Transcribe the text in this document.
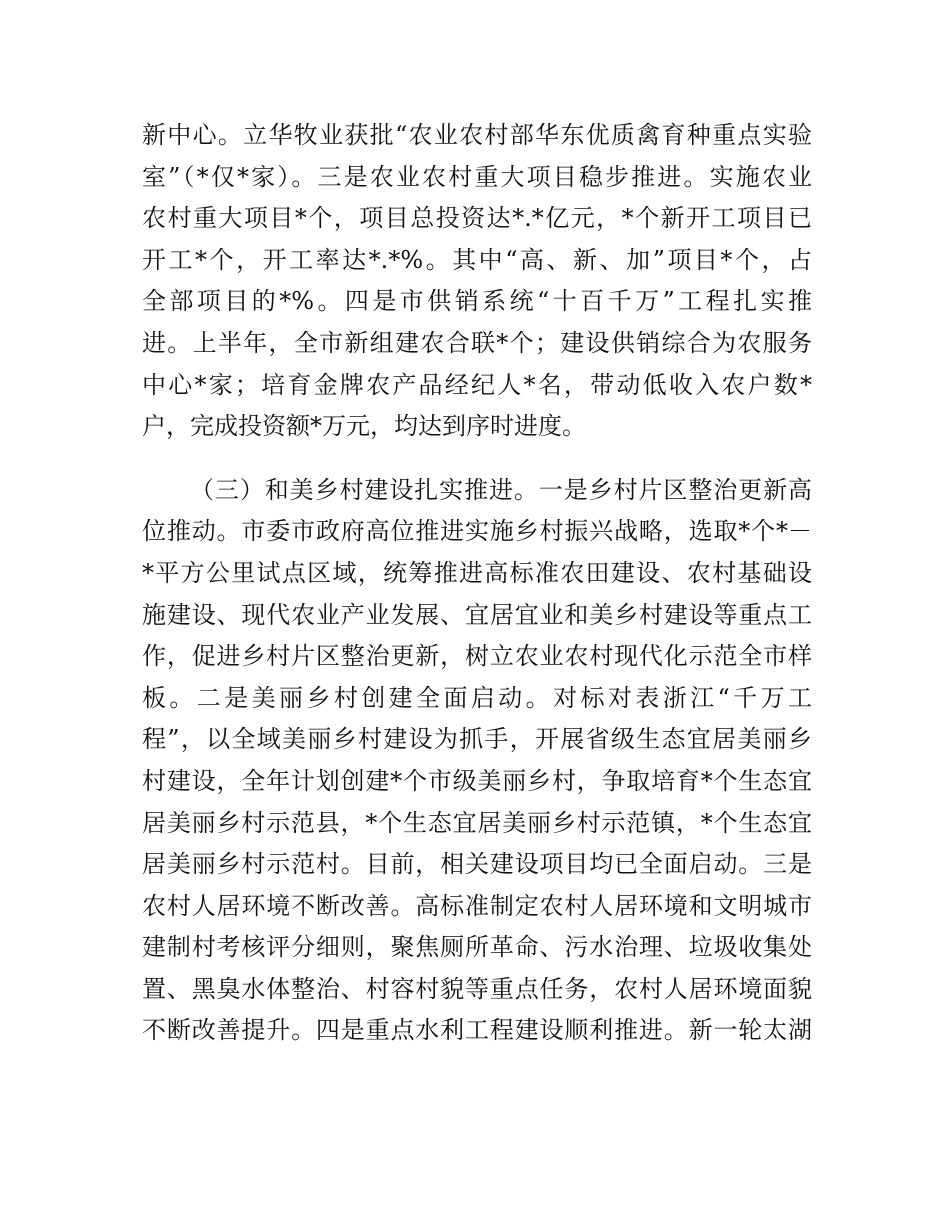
新中心。立华牧业获批“农业农村部华东优质禽育种重点实验
室”（*仅*家）。三是农业农村重大项目稳步推进。实施农业
农村重大项目*个，项目总投资达*.*亿元，*个新开工项目已
开工*个，开工率达*.*%。其中“高、新、加”项目*个，占
全部项目的*%。四是市供销系统“十百千万”工程扎实推
进。上半年，全市新组建农合联*个；建设供销综合为农服务
中心*家；培育金牌农产品经纪人*名，带动低收入农户数*
户，完成投资额*万元，均达到序时进度。
（三）和美乡村建设扎实推进。一是乡村片区整治更新高
位推动。市委市政府高位推进实施乡村振兴战略，选取*个*－
*平方公里试点区域，统筹推进高标准农田建设、农村基础设
施建设、现代农业产业发展、宜居宜业和美乡村建设等重点工
作，促进乡村片区整治更新，树立农业农村现代化示范全市样
板。二是美丽乡村创建全面启动。对标对表浙江“千万工
程”，以全域美丽乡村建设为抓手，开展省级生态宜居美丽乡
村建设，全年计划创建*个市级美丽乡村，争取培育*个生态宜
居美丽乡村示范县，*个生态宜居美丽乡村示范镇，*个生态宜
居美丽乡村示范村。目前，相关建设项目均已全面启动。三是
农村人居环境不断改善。高标准制定农村人居环境和文明城市
建制村考核评分细则，聚焦厕所革命、污水治理、垃圾收集处
置、黑臭水体整治、村容村貌等重点任务，农村人居环境面貌
不断改善提升。四是重点水利工程建设顺利推进。新一轮太湖
